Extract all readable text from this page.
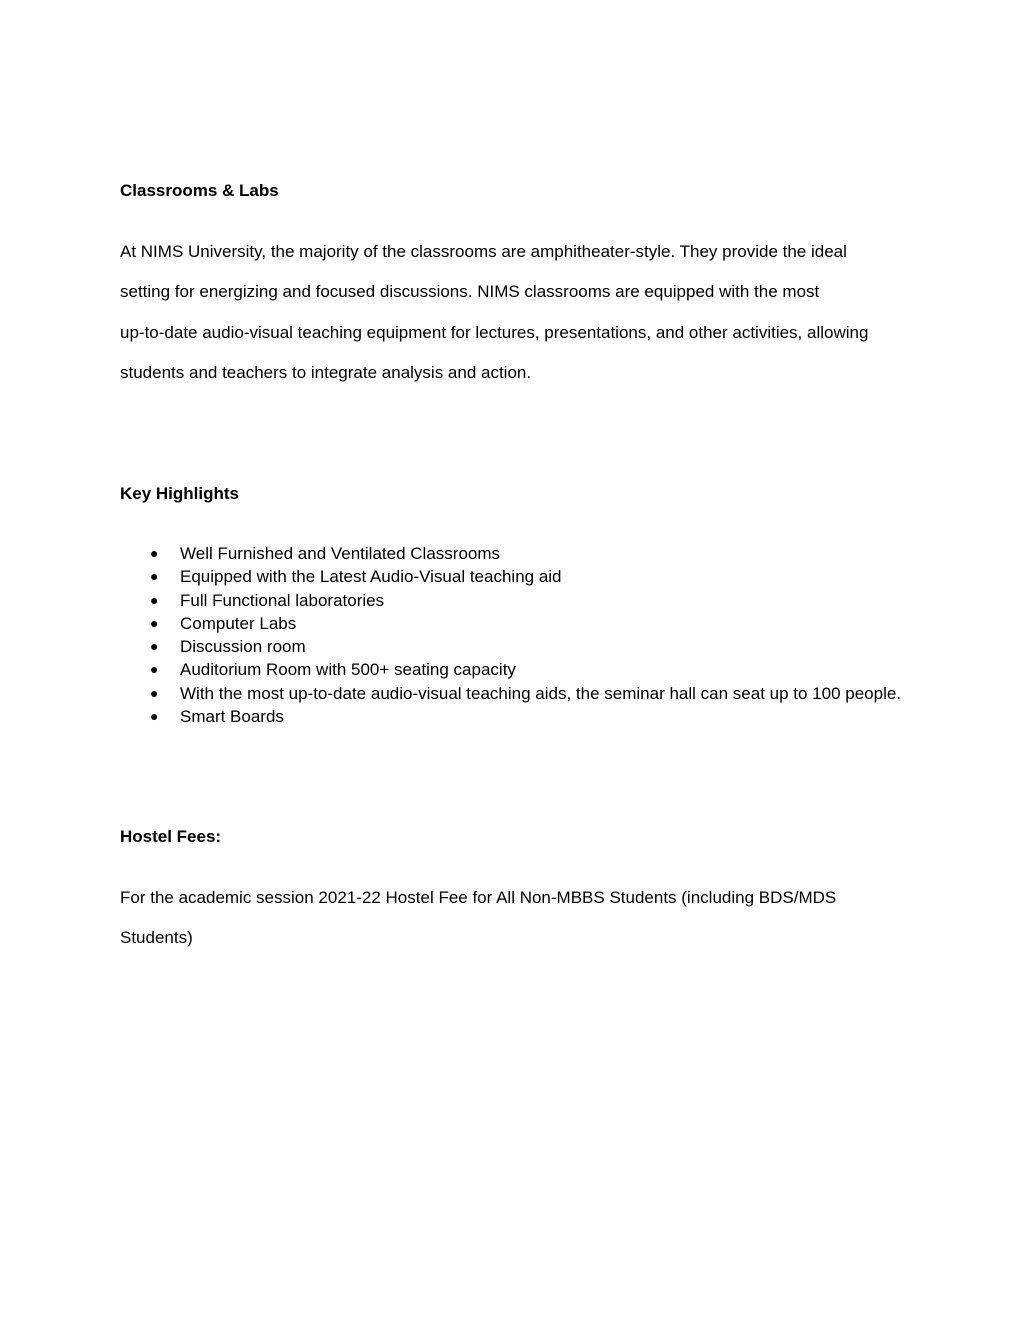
Classrooms & Labs
At NIMS University, the majority of the classrooms are amphitheater-style. They provide the ideal
setting for energizing and focused discussions. NIMS classrooms are equipped with the most
up-to-date audio-visual teaching equipment for lectures, presentations, and other activities, allowing
students and teachers to integrate analysis and action.
Key Highlights
● Well Furnished and Ventilated Classrooms
● Equipped with the Latest Audio-Visual teaching aid
● Full Functional laboratories
● Computer Labs
● Discussion room
● Auditorium Room with 500+ seating capacity
● With the most up-to-date audio-visual teaching aids, the seminar hall can seat up to 100 people.
● Smart Boards
Hostel Fees:
For the academic session 2021-22 Hostel Fee for All Non-MBBS Students (including BDS/MDS
Students)
